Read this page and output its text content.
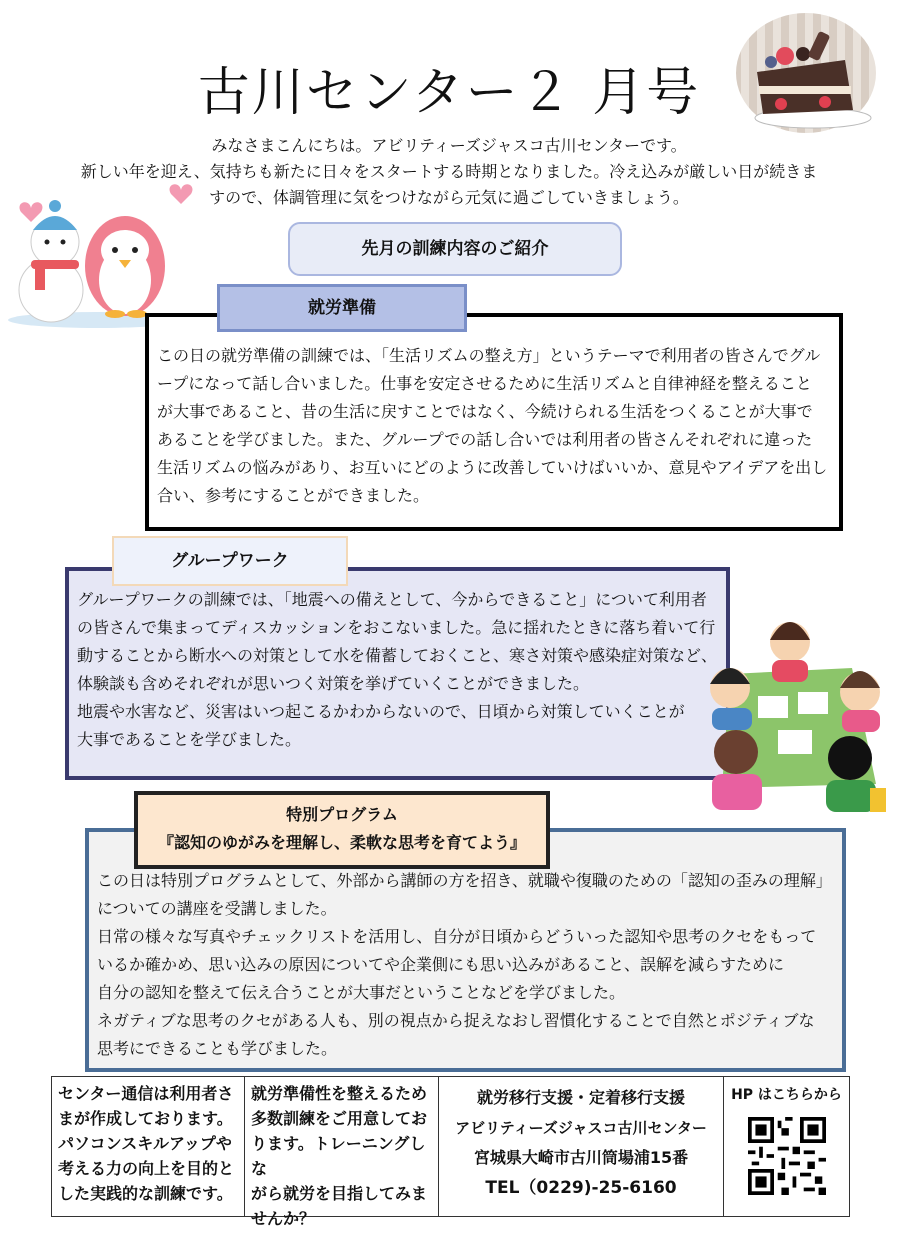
古川センター２ 月号
みなさまこんにちは。アビリティーズジャスコ古川センターです。
新しい年を迎え、気持ちも新たに日々をスタートする時期となりました。冷え込みが厳しい日が続きま
すので、体調管理に気をつけながら元気に過ごしていきましょう。
先月の訓練内容のご紹介
就労準備
この日の就労準備の訓練では、「生活リズムの整え方」というテーマで利用者の皆さんでグル
ープになって話し合いました。仕事を安定させるために生活リズムと自律神経を整えること
が大事であること、昔の生活に戻すことではなく、今続けられる生活をつくることが大事で
あることを学びました。また、グループでの話し合いでは利用者の皆さんそれぞれに違った
生活リズムの悩みがあり、お互いにどのように改善していけばいいか、意見やアイデアを出し
合い、参考にすることができました。
グループワーク
グループワークの訓練では、「地震への備えとして、今からできること」について利用者
の皆さんで集まってディスカッションをおこないました。急に揺れたときに落ち着いて行
動することから断水への対策として水を備蓄しておくこと、寒さ対策や感染症対策など、
体験談も含めそれぞれが思いつく対策を挙げていくことができました。
地震や水害など、災害はいつ起こるかわからないので、日頃から対策していくことが
大事であることを学びました。
特別プログラム
『認知のゆがみを理解し、柔軟な思考を育てよう』
この日は特別プログラムとして、外部から講師の方を招き、就職や復職のための「認知の歪みの理解」
についての講座を受講しました。
日常の様々な写真やチェックリストを活用し、自分が日頃からどういった認知や思考のクセをもって
いるか確かめ、思い込みの原因についてや企業側にも思い込みがあること、誤解を減らすために
自分の認知を整えて伝え合うことが大事だということなどを学びました。
ネガティブな思考のクセがある人も、別の視点から捉えなおし習慣化することで自然とポジティブな
思考にできることも学びました。
センター通信は利用者さ
まが作成しております。
パソコンスキルアップや
考える力の向上を目的と
した実践的な訓練です。
就労準備性を整えるため
多数訓練をご用意してお
ります。トレーニングしな
がら就労を目指してみま
せんか？
就労移行支援・定着移行支援
アビリティーズジャスコ古川センター
宮城県大崎市古川筒場浦15番
TEL（0229)-25-6160
HP はこちらから
